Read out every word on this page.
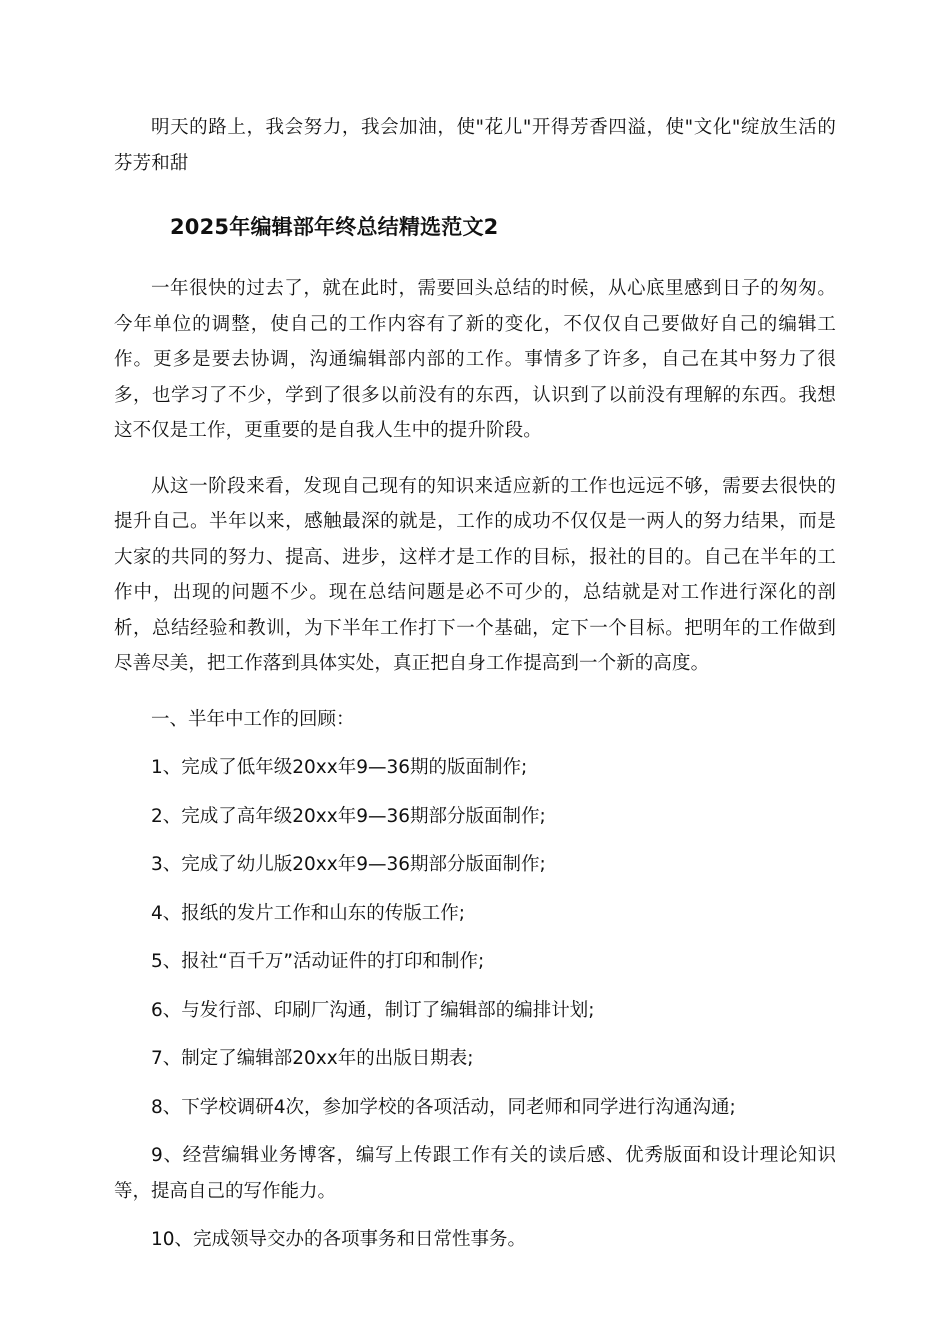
明天的路上，我会努力，我会加油，使"花儿"开得芳香四溢，使"文化"绽放生活的芬芳和甜

2025年编辑部年终总结精选范文2

一年很快的过去了，就在此时，需要回头总结的时候，从心底里感到日子的匆匆。今年单位的调整，使自己的工作内容有了新的变化，不仅仅自己要做好自己的编辑工作。更多是要去协调，沟通编辑部内部的工作。事情多了许多，自己在其中努力了很多，也学习了不少，学到了很多以前没有的东西，认识到了以前没有理解的东西。我想这不仅是工作，更重要的是自我人生中的提升阶段。

从这一阶段来看，发现自己现有的知识来适应新的工作也远远不够，需要去很快的提升自己。半年以来，感触最深的就是，工作的成功不仅仅是一两人的努力结果，而是大家的共同的努力、提高、进步，这样才是工作的目标，报社的目的。自己在半年的工作中，出现的问题不少。现在总结问题是必不可少的，总结就是对工作进行深化的剖析，总结经验和教训，为下半年工作打下一个基础，定下一个目标。把明年的工作做到尽善尽美，把工作落到具体实处，真正把自身工作提高到一个新的高度。

一、半年中工作的回顾：

1、完成了低年级20xx年9—36期的版面制作;

2、完成了高年级20xx年9—36期部分版面制作;

3、完成了幼儿版20xx年9—36期部分版面制作;

4、报纸的发片工作和山东的传版工作;

5、报社“百千万”活动证件的打印和制作;

6、与发行部、印刷厂沟通，制订了编辑部的编排计划;

7、制定了编辑部20xx年的出版日期表;

8、下学校调研4次，参加学校的各项活动，同老师和同学进行沟通沟通;

9、经营编辑业务博客，编写上传跟工作有关的读后感、优秀版面和设计理论知识等，提高自己的写作能力。

10、完成领导交办的各项事务和日常性事务。
